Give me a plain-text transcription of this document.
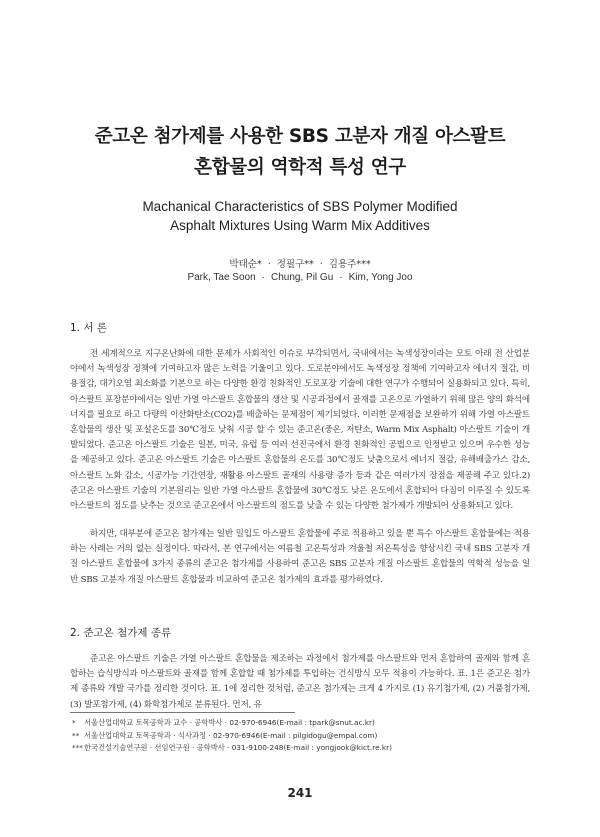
준고온 첨가제를 사용한 SBS 고분자 개질 아스팔트
혼합물의 역학적 특성 연구
Machanical Characteristics of SBS Polymer Modified
Asphalt Mixtures Using Warm Mix Additives
박태순* · 정필구** · 김용주***
Park, Tae Soon · Chung, Pil Gu · Kim, Yong Joo
1. 서 론

전 세계적으로 지구온난화에 대한 문제가 사회적인 이슈로 부각되면서, 국내에서는 녹색성장이라는 모토 아래 전 산업분야에서 녹색성장 정책에 기여하고자 많은 노력을 기울이고 있다. 도로분야에서도 녹색성장 정책에 기여하고자 에너지 절감, 비용절감, 대기오염 최소화를 기본으로 하는 다양한 환경 친화적인 도로포장 기술에 대한 연구가 수행되어 실용화되고 있다. 특히, 아스팔트 포장분야에서는 일반 가열 아스팔트 혼합물의 생산 및 시공과정에서 골재를 고온으로 가열하기 위해 많은 양의 화석에너지를 필요로 하고 다량의 이산화탄소(CO2)를 배출하는 문제점이 제기되었다. 이러한 문제점을 보완하기 위해 가열 아스팔트 혼합물의 생산 및 포설온도를 30℃정도 낮춰 시공 할 수 있는 준고온(중온, 저탄소, Warm Mix Asphalt) 아스팔트 기술이 개발되었다. 준고온 아스팔트 기술은 일본, 미국, 유럽 등 여러 선진국에서 환경 친화적인 공법으로 인정받고 있으며 우수한 성능을 제공하고 있다. 준고온 아스팔트 기술은 아스팔트 혼합물의 온도를 30℃정도 낮춤으로서 에너지 절감, 유해배출가스 감소, 아스팔트 노화 감소, 시공가능 기간연장, 재활용 아스팔트 골재의 사용량 증가 등과 같은 여러가지 장점을 제공해 주고 있다.2) 준고온 아스팔트 기술의 기본원리는 일반 가열 아스팔트 혼합물에 30℃정도 낮은 온도에서 혼합되어 다짐이 이루질 수 있도록 아스팔트의 점도를 낮추는 것으로 준고온에서 아스팔트의 점도를 낮출 수 있는 다양한 첨가제가 개발되어 상용화되고 있다.

하지만, 대부분에 준고온 첨가제는 일반 밀입도 아스팔트 혼합물에 주로 적용하고 있을 뿐 특수 아스팔트 혼합물에는 적용하는 사례는 거의 없는 실정이다. 따라서, 본 연구에서는 여름철 고온특성과 겨울철 저온특성을 향상시킨 국내 SBS 고분자 개질 아스팔트 혼합물에 3가지 종류의 준고온 첨가제를 사용하여 준고온 SBS 고분자 개질 아스팔트 혼합물의 역학적 성능을 일반 SBS 고분자 개질 아스팔트 혼합물과 비교하여 준고온 첨가제의 효과를 평가하였다.

2. 준고온 첨가제 종류

준고온 아스팔트 기술은 가열 아스팔트 혼합물을 제조하는 과정에서 첨가제를 아스팔트와 먼저 혼합하여 골재와 함께 혼합하는 습식방식과 아스팔트와 골재를 함께 혼합할 때 첨가제를 투입하는 건식방식 모두 적용이 가능하다. 표. 1은 준고온 첨가제 종류와 개발 국가를 정리한 것이다. 표. 1에 정리한 것처럼, 준고온 첨가제는 크게 4 가지로 (1) 유기첨가제, (2) 거품첨가제, (3) 발포첨가제, (4) 화학첨가제로 분류된다. 먼저, 유

* 서울산업대학교 토목공학과 교수 · 공학박사 · 02-970-6946(E-mail : tpark@snut.ac.kr)
** 서울산업대학교 토목공학과 · 석사과정 · 02-970-6946(E-mail : pilgidogu@empal.com)
***한국건설기술연구원 · 선임연구원 · 공학박사 · 031-9100-248(E-mail : yongjook@kict.re.kr)
241
